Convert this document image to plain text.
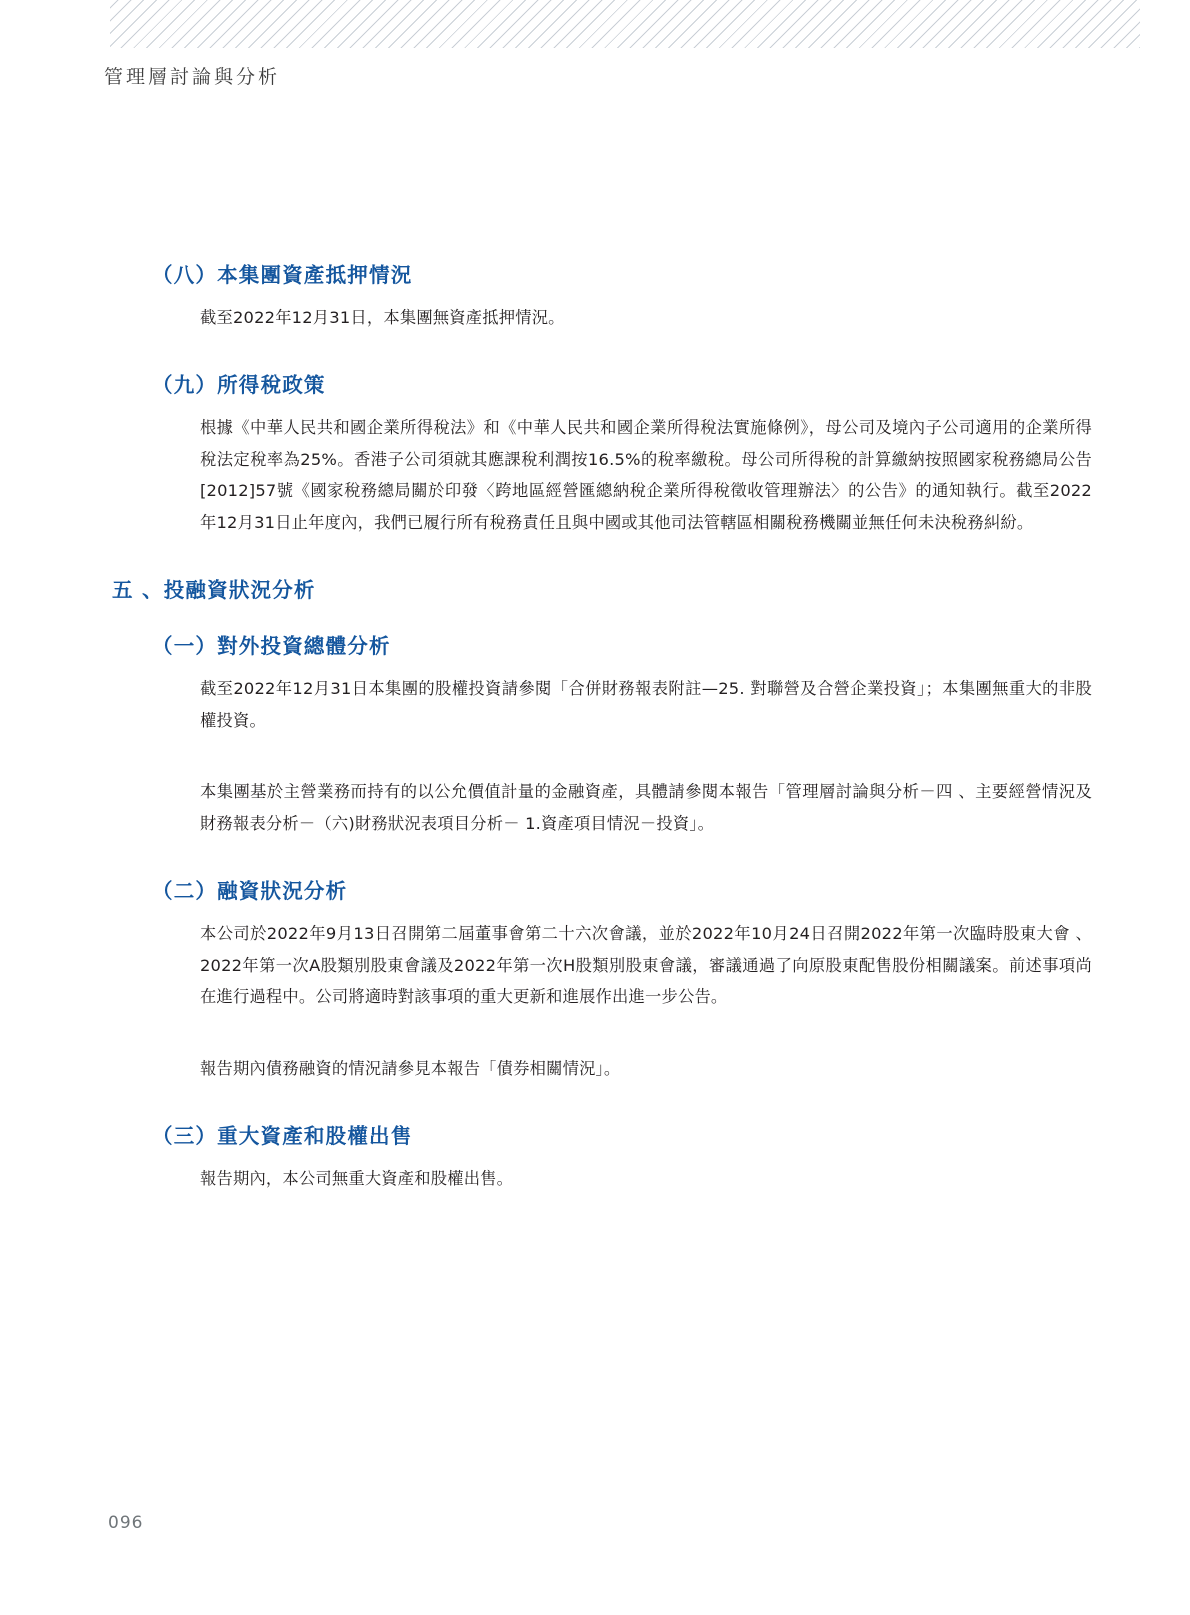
管理層討論與分析
（八）本集團資產抵押情況

截至2022年12月31日，本集團無資產抵押情況。

（九）所得稅政策

根據《中華人民共和國企業所得稅法》和《中華人民共和國企業所得稅法實施條例》，母公司及境內子公司適用的企業所得稅法定稅率為25%。香港子公司須就其應課稅利潤按16.5%的稅率繳稅。母公司所得稅的計算繳納按照國家稅務總局公告[2012]57號《國家稅務總局關於印發〈跨地區經營匯總納稅企業所得稅徵收管理辦法〉的公告》的通知執行。截至2022年12月31日止年度內，我們已履行所有稅務責任且與中國或其他司法管轄區相關稅務機關並無任何未決稅務糾紛。

五 、投融資狀況分析
（一）對外投資總體分析

截至2022年12月31日本集團的股權投資請參閱「合併財務報表附註—25. 對聯營及合營企業投資」；本集團無重大的非股權投資。

本集團基於主營業務而持有的以公允價值計量的金融資產，具體請參閱本報告「管理層討論與分析－四 、主要經營情況及財務報表分析－（六)財務狀況表項目分析－ 1.資產項目情況－投資」。

（二）融資狀況分析

本公司於2022年9月13日召開第二屆董事會第二十六次會議，並於2022年10月24日召開2022年第一次臨時股東大會 、2022年第一次A股類別股東會議及2022年第一次H股類別股東會議，審議通過了向原股東配售股份相關議案。前述事項尚在進行過程中。公司將適時對該事項的重大更新和進展作出進一步公告。

報告期內債務融資的情況請參見本報告「債券相關情況」。

（三）重大資產和股權出售

報告期內，本公司無重大資產和股權出售。

096
